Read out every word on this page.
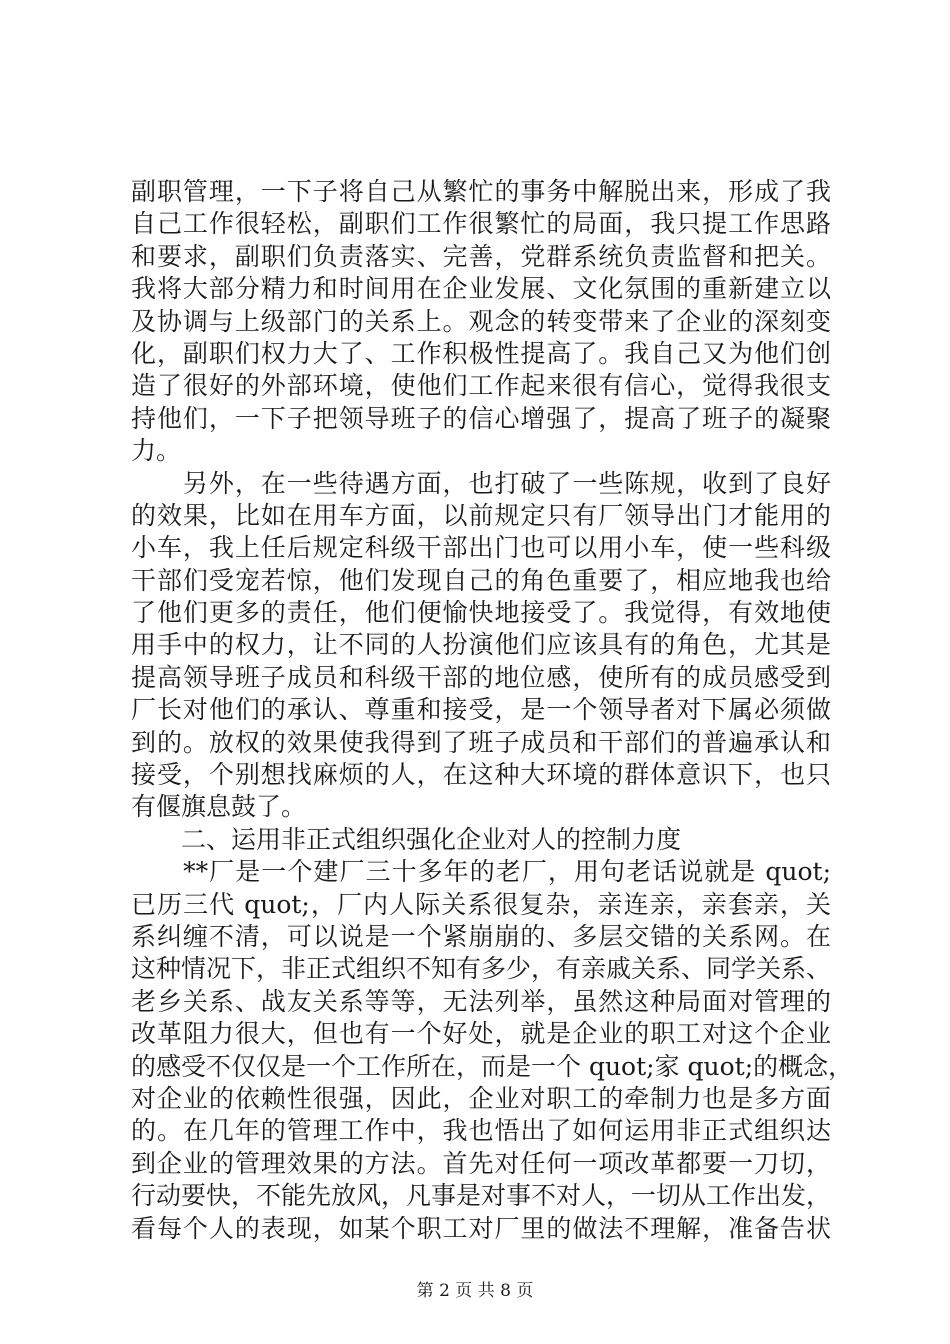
副职管理，一下子将自己从繁忙的事务中解脱出来，形成了我
自己工作很轻松，副职们工作很繁忙的局面，我只提工作思路
和要求，副职们负责落实、完善，党群系统负责监督和把关。
我将大部分精力和时间用在企业发展、文化氛围的重新建立以
及协调与上级部门的关系上。观念的转变带来了企业的深刻变
化，副职们权力大了、工作积极性提高了。我自己又为他们创
造了很好的外部环境，使他们工作起来很有信心，觉得我很支
持他们，一下子把领导班子的信心增强了，提高了班子的凝聚
力。
　　另外，在一些待遇方面，也打破了一些陈规，收到了良好
的效果，比如在用车方面，以前规定只有厂领导出门才能用的
小车，我上任后规定科级干部出门也可以用小车，使一些科级
干部们受宠若惊，他们发现自己的角色重要了，相应地我也给
了他们更多的责任，他们便愉快地接受了。我觉得，有效地使
用手中的权力，让不同的人扮演他们应该具有的角色，尤其是
提高领导班子成员和科级干部的地位感，使所有的成员感受到
厂长对他们的承认、尊重和接受，是一个领导者对下属必须做
到的。放权的效果使我得到了班子成员和干部们的普遍承认和
接受，个别想找麻烦的人，在这种大环境的群体意识下，也只
有偃旗息鼓了。
　　二、运用非正式组织强化企业对人的控制力度
　　**厂是一个建厂三十多年的老厂，用句老话说就是 quot;
已历三代 quot;，厂内人际关系很复杂，亲连亲，亲套亲，关
系纠缠不清，可以说是一个紧崩崩的、多层交错的关系网。在
这种情况下，非正式组织不知有多少，有亲戚关系、同学关系、
老乡关系、战友关系等等，无法列举，虽然这种局面对管理的
改革阻力很大，但也有一个好处，就是企业的职工对这个企业
的感受不仅仅是一个工作所在，而是一个 quot;家 quot;的概念，
对企业的依赖性很强，因此，企业对职工的牵制力也是多方面
的。在几年的管理工作中，我也悟出了如何运用非正式组织达
到企业的管理效果的方法。首先对任何一项改革都要一刀切，
行动要快，不能先放风，凡事是对事不对人，一切从工作出发，
看每个人的表现，如某个职工对厂里的做法不理解，准备告状
第 2 页 共 8 页
